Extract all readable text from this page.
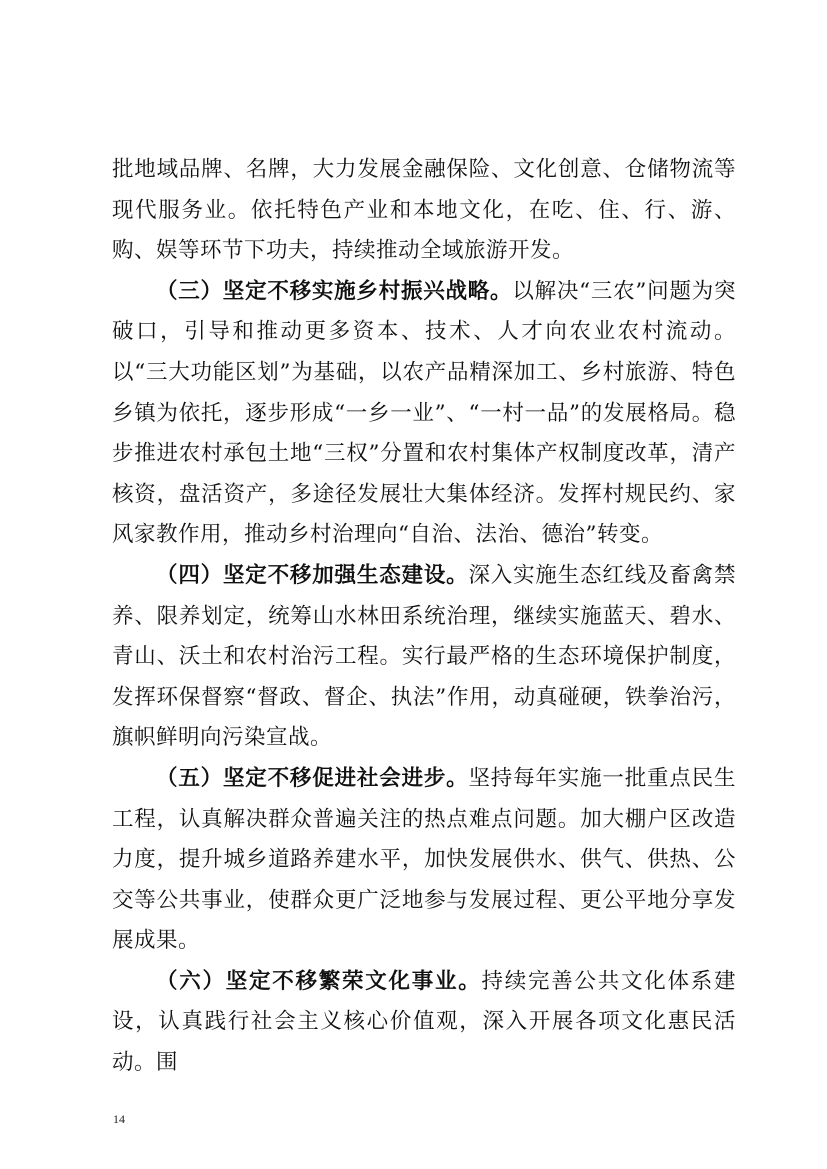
批地域品牌、名牌，大力发展金融保险、文化创意、仓储物流等现代服务业。依托特色产业和本地文化，在吃、住、行、游、购、娱等环节下功夫，持续推动全域旅游开发。

（三）坚定不移实施乡村振兴战略。以解决“三农”问题为突破口，引导和推动更多资本、技术、人才向农业农村流动。以“三大功能区划”为基础，以农产品精深加工、乡村旅游、特色乡镇为依托，逐步形成“一乡一业”、“一村一品”的发展格局。稳步推进农村承包土地“三权”分置和农村集体产权制度改革，清产核资，盘活资产，多途径发展壮大集体经济。发挥村规民约、家风家教作用，推动乡村治理向“自治、法治、德治”转变。

（四）坚定不移加强生态建设。深入实施生态红线及畜禽禁养、限养划定，统筹山水林田系统治理，继续实施蓝天、碧水、青山、沃土和农村治污工程。实行最严格的生态环境保护制度，发挥环保督察“督政、督企、执法”作用，动真碰硬，铁拳治污，旗帜鲜明向污染宣战。

（五）坚定不移促进社会进步。坚持每年实施一批重点民生工程，认真解决群众普遍关注的热点难点问题。加大棚户区改造力度，提升城乡道路养建水平，加快发展供水、供气、供热、公交等公共事业，使群众更广泛地参与发展过程、更公平地分享发展成果。

（六）坚定不移繁荣文化事业。持续完善公共文化体系建设，认真践行社会主义核心价值观，深入开展各项文化惠民活动。围

14
